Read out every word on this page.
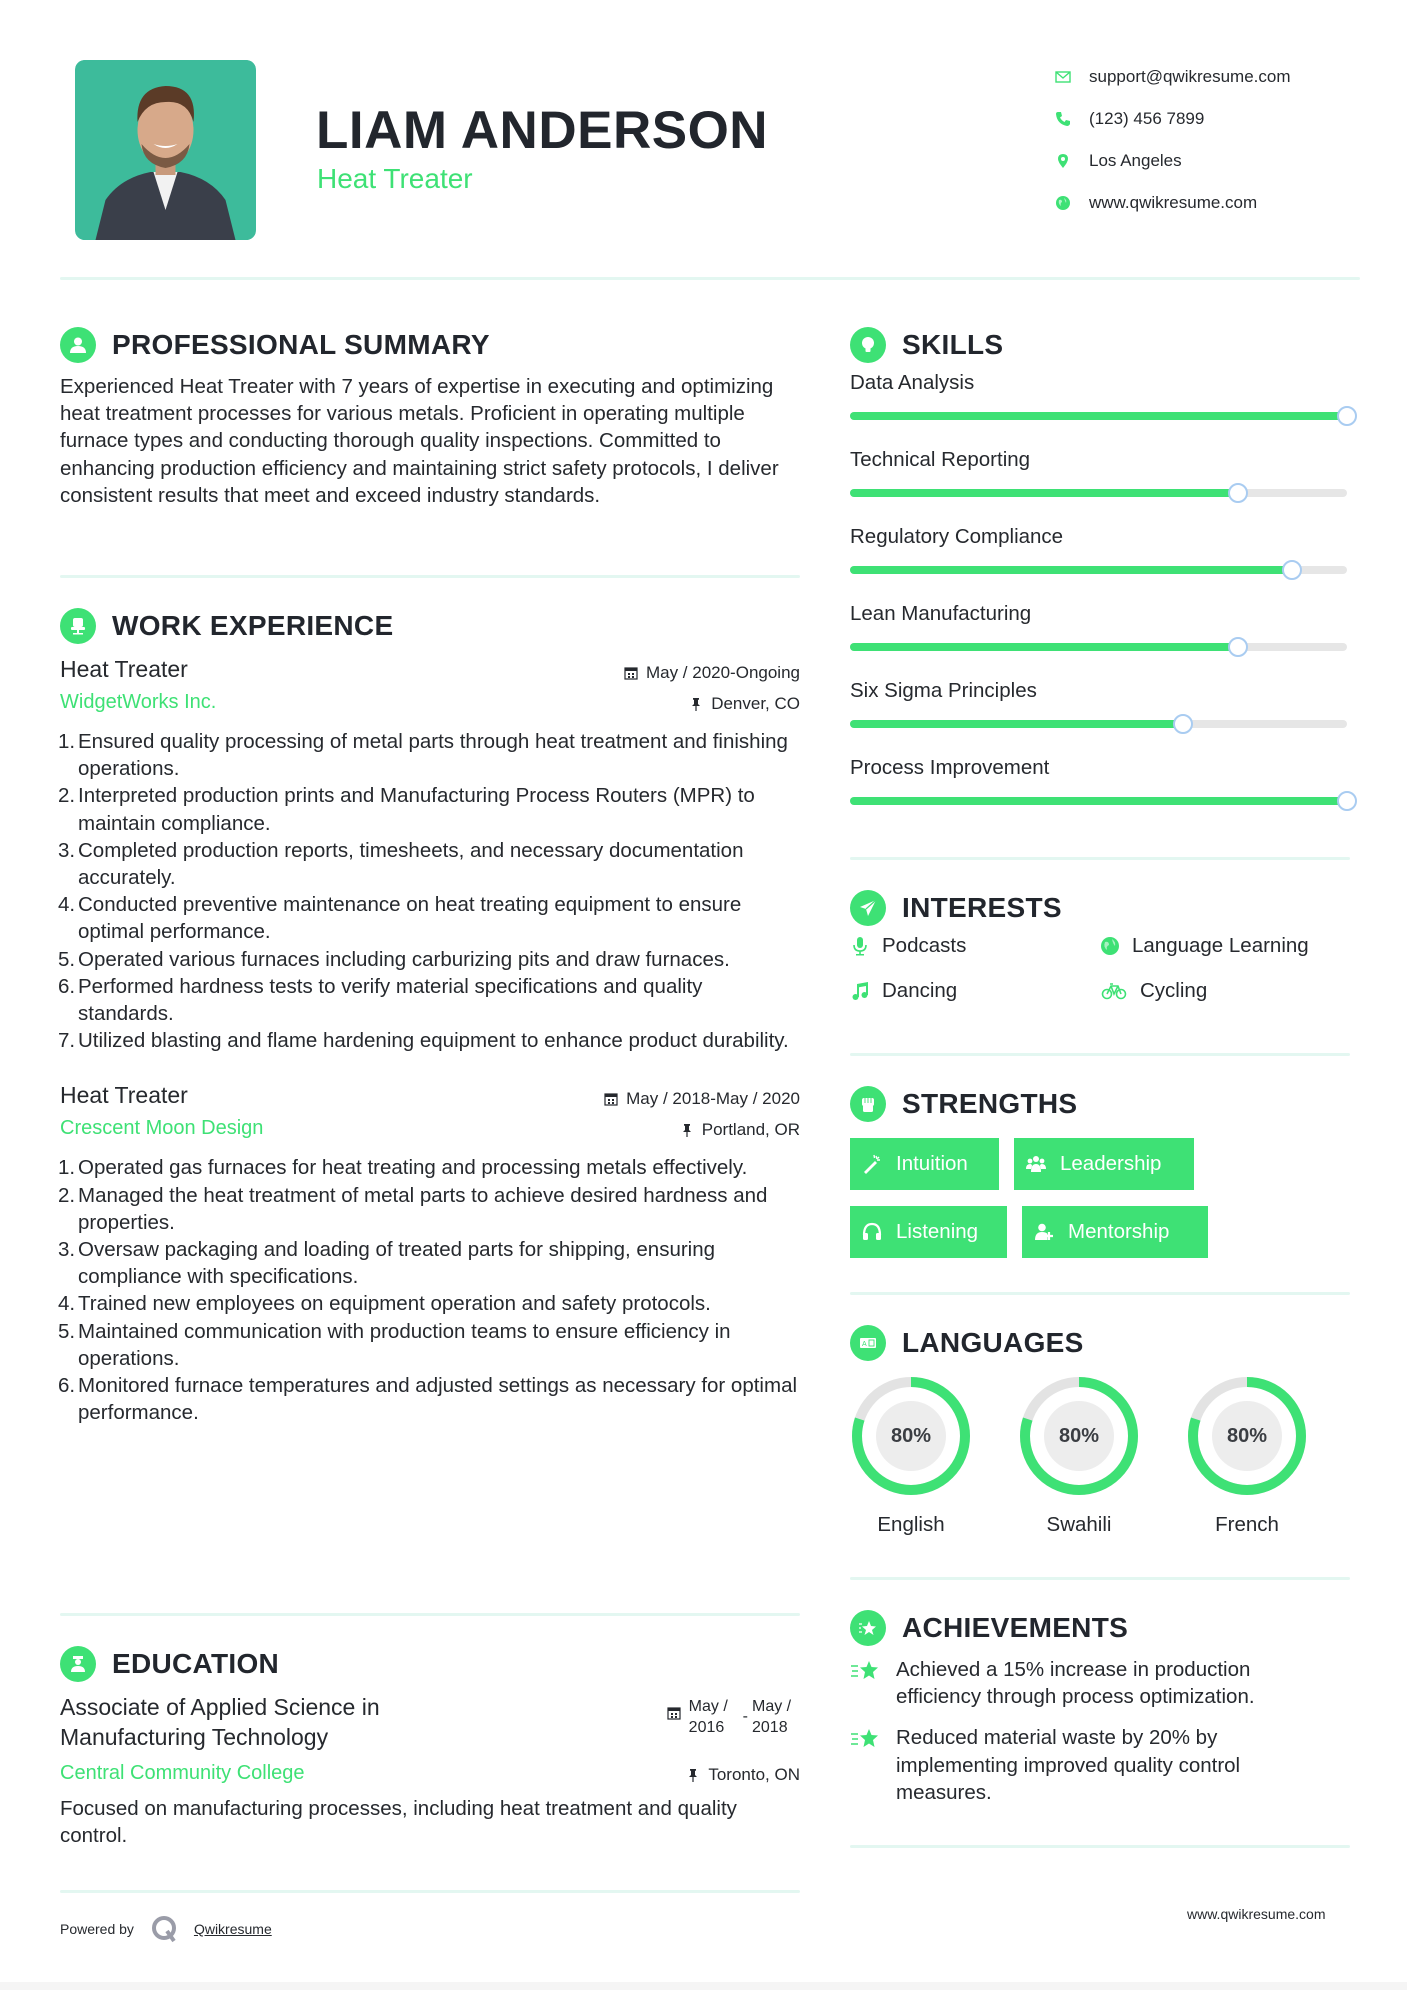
LIAM ANDERSON
Heat Treater
support@qwikresume.com
(123) 456 7899
Los Angeles
www.qwikresume.com
PROFESSIONAL SUMMARY

Experienced Heat Treater with 7 years of expertise in executing and optimizing heat treatment processes for various metals. Proficient in operating multiple furnace types and conducting thorough quality inspections. Committed to enhancing production efficiency and maintaining strict safety protocols, I deliver consistent results that meet and exceed industry standards.

WORK EXPERIENCE
Heat Treater	May / 2020-Ongoing
WidgetWorks Inc.	Denver, CO
1. Ensured quality processing of metal parts through heat treatment and finishing operations.
2. Interpreted production prints and Manufacturing Process Routers (MPR) to maintain compliance.
3. Completed production reports, timesheets, and necessary documentation accurately.
4. Conducted preventive maintenance on heat treating equipment to ensure optimal performance.
5. Operated various furnaces including carburizing pits and draw furnaces.
6. Performed hardness tests to verify material specifications and quality standards.
7. Utilized blasting and flame hardening equipment to enhance product durability.
Heat Treater	May / 2018-May / 2020
Crescent Moon Design	Portland, OR
1. Operated gas furnaces for heat treating and processing metals effectively.
2. Managed the heat treatment of metal parts to achieve desired hardness and properties.
3. Oversaw packaging and loading of treated parts for shipping, ensuring compliance with specifications.
4. Trained new employees on equipment operation and safety protocols.
5. Maintained communication with production teams to ensure efficiency in operations.
6. Monitored furnace temperatures and adjusted settings as necessary for optimal performance.
EDUCATION
Associate of Applied Science in Manufacturing Technology
May / 2016
-
May / 2018
Central Community College	Toronto, ON

Focused on manufacturing processes, including heat treatment and quality control.

SKILLS
Data Analysis
Technical Reporting
Regulatory Compliance
Lean Manufacturing
Six Sigma Principles
Process Improvement
INTERESTS
Podcasts	Language Learning
Dancing	Cycling
STRENGTHS
Intuition	Leadership
Listening	Mentorship
A LANGUAGES
80%
English
80%
Swahili
80%
French
ACHIEVEMENTS
Achieved a 15% increase in production efficiency through process optimization.
Reduced material waste by 20% by implementing improved quality control measures.
Powered by	Qwikresume
www.qwikresume.com
